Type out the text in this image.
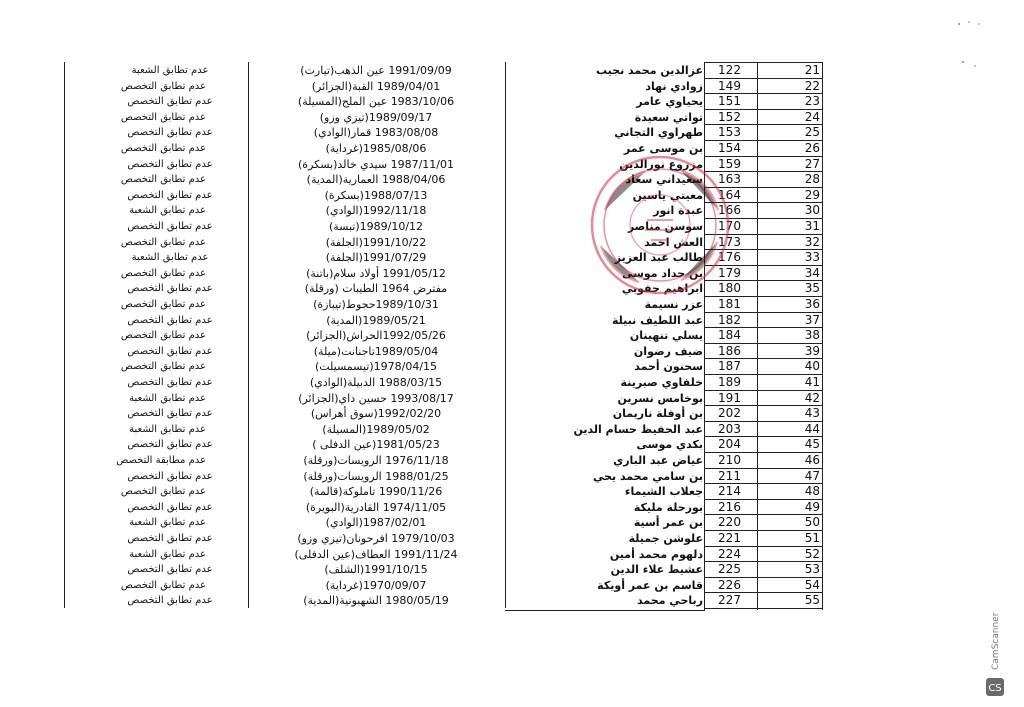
21
122
عزالدين محمد نجيب
1991/09/09 عين الذهب(تيارت)
عدم تطابق الشعبة
22
149
زوادي نهاد
1989/04/01 القبة(الجزائر)
عدم تطابق التخصص
23
151
يحياوي عامر
1983/10/06 عين الملح(المسيلة)
عدم تطابق التخصص
24
152
تواتي سعيدة
1989/09/17(تيزي وزو)
عدم تطابق التخصص
25
153
طهراوي التجاني
1983/08/08 قمار(الوادي)
عدم تطابق التخصص
26
154
بن موسى عمر
1985/08/06(غرداية)
عدم تطابق التخصص
27
159
مزروع نورالدين
1987/11/01 سيدي خالد(بسكرة)
عدم تطابق التخصص
28
163
سعيداني سعاد
1988/04/06 العمارية(المدية)
عدم تطابق التخصص
29
164
معيتي ياسين
1988/07/13(بسكرة)
عدم تطابق التخصص
30
166
عبدة انور
1992/11/18(الوادي)
عدم تطابق الشعبة
31
170
سوسن مناصر
1989/10/12(تبسة)
عدم تطابق التخصص
32
173
العش احمد
1991/10/22(الجلفة)
عدم تطابق التخصص
33
176
طالب عبد العزيز
1991/07/29(الجلفة)
عدم تطابق الشعبة
34
179
بن حداد موسى
1991/05/12 أولاد سلام(باتنة)
عدم تطابق التخصص
35
180
ابراهيم جفوبي
مفترض 1964 الطيبات (ورقلة)
عدم تطابق التخصص
36
181
عزر نسيمة
1989/10/31حجوط(تيبازة)
عدم تطابق التخصص
37
182
عبد اللطيف نبيلة
1989/05/21(المدية)
عدم تطابق التخصص
38
184
يسلي تنهينان
1992/05/26الحراش(الجزائر)
عدم تطابق التخصص
39
186
ضيف رضوان
1989/05/04تاجنانت(ميلة)
عدم تطابق التخصص
40
187
سحنون أحمد
1978/04/15(تيسمسيلت)
عدم تطابق التخصص
41
189
خلفاوي صبرينة
1988/03/15 الدبيلة(الوادي)
عدم تطابق التخصص
42
191
بوخامس نسرين
1993/08/17 حسين داي(الجزائر)
عدم تطابق الشعبة
43
202
بن أوفلة ناريمان
1992/02/20(سوق أهراس)
عدم تطابق التخصص
44
203
عبد الحفيظ حسام الدين
1989/05/02(المسيلة)
عدم تطابق الشعبة
45
204
بكدي موسى
1981/05/23(عين الدفلى )
عدم تطابق التخصص
46
210
عياض عبد الباري
1976/11/18 الرويسات(ورقلة)
عدم مطابقة التخصص
47
211
بن سامي محمد يحي
1988/01/25 الرويسات(ورقلة)
عدم تطابق التخصص
48
214
جعلاب الشيماء
1990/11/26 تاملوكة(قالمة)
عدم تطابق التخصص
49
216
بورحلة مليكة
1974/11/05 القادرية(البويرة)
عدم تطابق التخصص
50
220
بن عمر أسية
1987/02/01(الوادي)
عدم تطابق الشعبة
51
221
علوشن جميلة
1979/10/03 افرحونان(تيزي وزو)
عدم تطابق التخصص
52
224
دلهوم محمد أمين
1991/11/24 العطاف(عين الدفلى)
عدم تطابق الشعبة
53
225
عشيط علاء الدين
1991/10/15(الشلف)
عدم تطابق التخصص
54
226
قاسم بن عمر أويكة
1970/09/07(غرداية)
عدم تطابق التخصص
55
227
رباحي محمد
1980/05/19 الشهبونية(المدية)
عدم تطابق التخصص
CS
CamScanner
